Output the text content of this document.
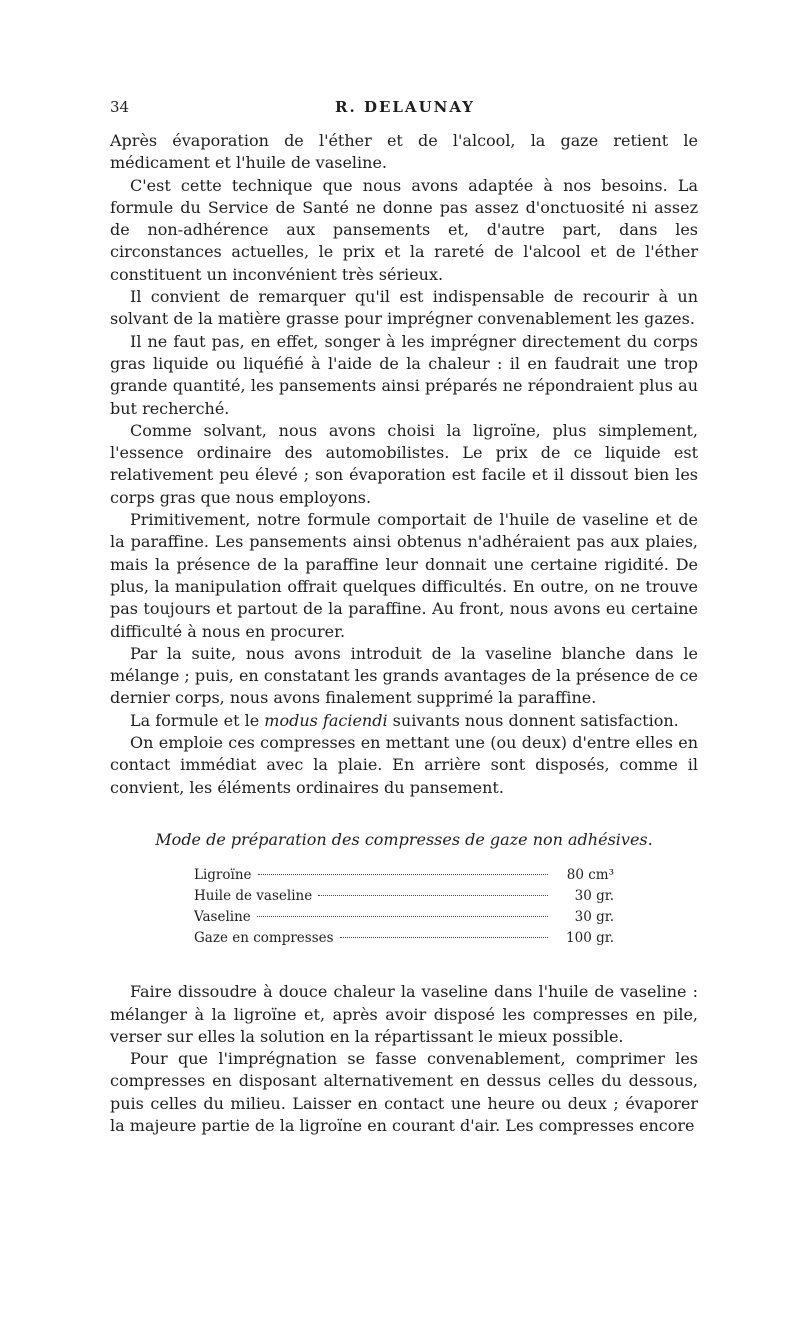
34	R. DELAUNAY

Après évaporation de l'éther et de l'alcool, la gaze retient le médicament et l'huile de vaseline.

C'est cette technique que nous avons adaptée à nos besoins. La formule du Service de Santé ne donne pas assez d'onctuosité ni assez de non-adhérence aux pansements et, d'autre part, dans les circonstances actuelles, le prix et la rareté de l'alcool et de l'éther constituent un inconvénient très sérieux.

Il convient de remarquer qu'il est indispensable de recourir à un solvant de la matière grasse pour imprégner convenablement les gazes.

Il ne faut pas, en effet, songer à les imprégner directement du corps gras liquide ou liquéfié à l'aide de la chaleur : il en faudrait une trop grande quantité, les pansements ainsi préparés ne répondraient plus au but recherché.

Comme solvant, nous avons choisi la ligroïne, plus simplement, l'essence ordinaire des automobilistes. Le prix de ce liquide est relativement peu élevé ; son évaporation est facile et il dissout bien les corps gras que nous employons.

Primitivement, notre formule comportait de l'huile de vaseline et de la paraffine. Les pansements ainsi obtenus n'adhéraient pas aux plaies, mais la présence de la paraffine leur donnait une certaine rigidité. De plus, la manipulation offrait quelques difficultés. En outre, on ne trouve pas toujours et partout de la paraffine. Au front, nous avons eu certaine difficulté à nous en procurer.

Par la suite, nous avons introduit de la vaseline blanche dans le mélange ; puis, en constatant les grands avantages de la présence de ce dernier corps, nous avons finalement supprimé la paraffine.

La formule et le modus faciendi suivants nous donnent satisfaction.

On emploie ces compresses en mettant une (ou deux) d'entre elles en contact immédiat avec la plaie. En arrière sont disposés, comme il convient, les éléments ordinaires du pansement.

Mode de préparation des compresses de gaze non adhésives.
Ligroïne	80 cm³
Huile de vaseline	30 gr.
Vaseline	30 gr.
Gaze en compresses	100 gr.

Faire dissoudre à douce chaleur la vaseline dans l'huile de vaseline : mélanger à la ligroïne et, après avoir disposé les compresses en pile, verser sur elles la solution en la répartissant le mieux possible.

Pour que l'imprégnation se fasse convenablement, comprimer les compresses en disposant alternativement en dessus celles du dessous, puis celles du milieu. Laisser en contact une heure ou deux ; évaporer la majeure partie de la ligroïne en courant d'air. Les compresses encore
